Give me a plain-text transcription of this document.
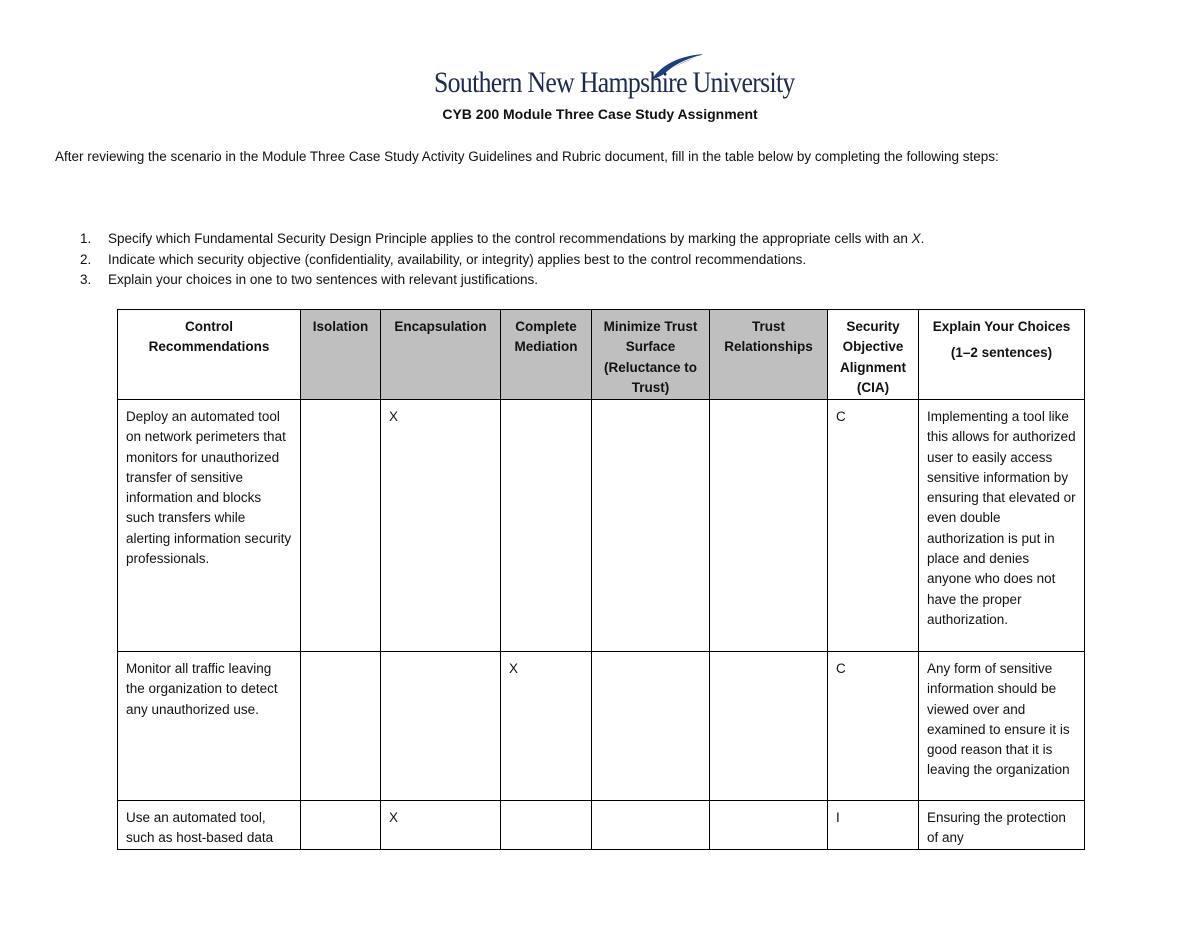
Southern New Hampshire University
CYB 200 Module Three Case Study Assignment
After reviewing the scenario in the Module Three Case Study Activity Guidelines and Rubric document, fill in the table below by completing the following steps:
1. Specify which Fundamental Security Design Principle applies to the control recommendations by marking the appropriate cells with an X.
2. Indicate which security objective (confidentiality, availability, or integrity) applies best to the control recommendations.
3. Explain your choices in one to two sentences with relevant justifications.
Control Recommendations	Isolation	Encapsulation	Complete Mediation	Minimize Trust Surface (Reluctance to Trust)	Trust Relationships	Security Objective Alignment (CIA)	Explain Your Choices
(1–2 sentences)

Deploy an automated tool on network perimeters that monitors for unauthorized transfer of sensitive information and blocks such transfers while alerting information security professionals.		X				C	Implementing a tool like this allows for authorized user to easily access sensitive information by ensuring that elevated or even double authorization is put in place and denies anyone who does not have the proper authorization.
Monitor all traffic leaving the organization to detect any unauthorized use.			X			C	Any form of sensitive information should be viewed over and examined to ensure it is good reason that it is leaving the organization
Use an automated tool, such as host-based data		X				I	Ensuring the protection of any
